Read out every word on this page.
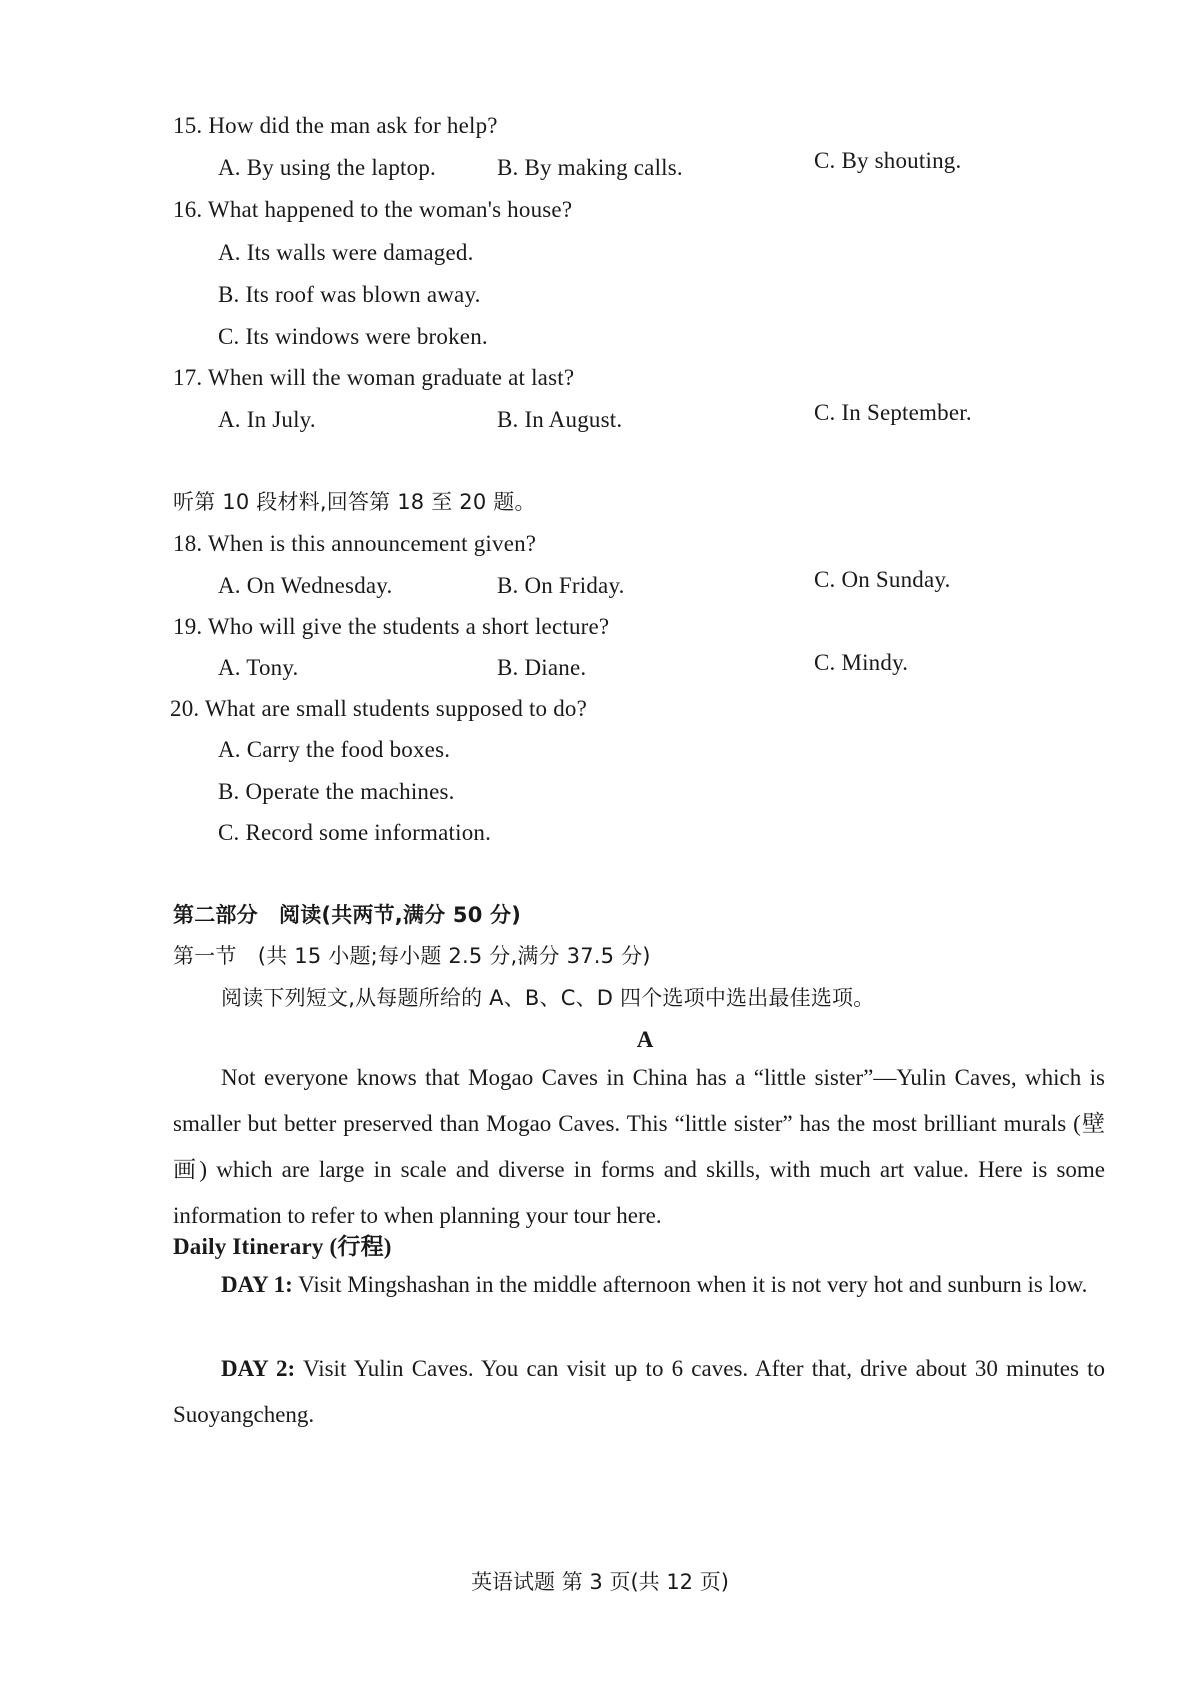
15. How did the man ask for help?
A. By using the laptop.	B. By making calls.	C. By shouting.
16. What happened to the woman's house?
A. Its walls were damaged.
B. Its roof was blown away.
C. Its windows were broken.
17. When will the woman graduate at last?
A. In July.	B. In August.	C. In September.
听第 10 段材料,回答第 18 至 20 题。
18. When is this announcement given?
A. On Wednesday.	B. On Friday.	C. On Sunday.
19. Who will give the students a short lecture?
A. Tony.	B. Diane.	C. Mindy.
20. What are small students supposed to do?
A. Carry the food boxes.
B. Operate the machines.
C. Record some information.
第二部分　阅读(共两节,满分 50 分)
第一节　(共 15 小题;每小题 2.5 分,满分 37.5 分)
阅读下列短文,从每题所给的 A、B、C、D 四个选项中选出最佳选项。
A

Not everyone knows that Mogao Caves in China has a “little sister”—Yulin Caves, which is smaller but better preserved than Mogao Caves. This “little sister” has the most brilliant murals (壁画) which are large in scale and diverse in forms and skills, with much art value. Here is some information to refer to when planning your tour here.

Daily Itinerary (行程)

DAY 1: Visit Mingshashan in the middle afternoon when it is not very hot and sunburn is low.

DAY 2: Visit Yulin Caves. You can visit up to 6 caves. After that, drive about 30 minutes to Suoyangcheng.

英语试题 第 3 页(共 12 页)
